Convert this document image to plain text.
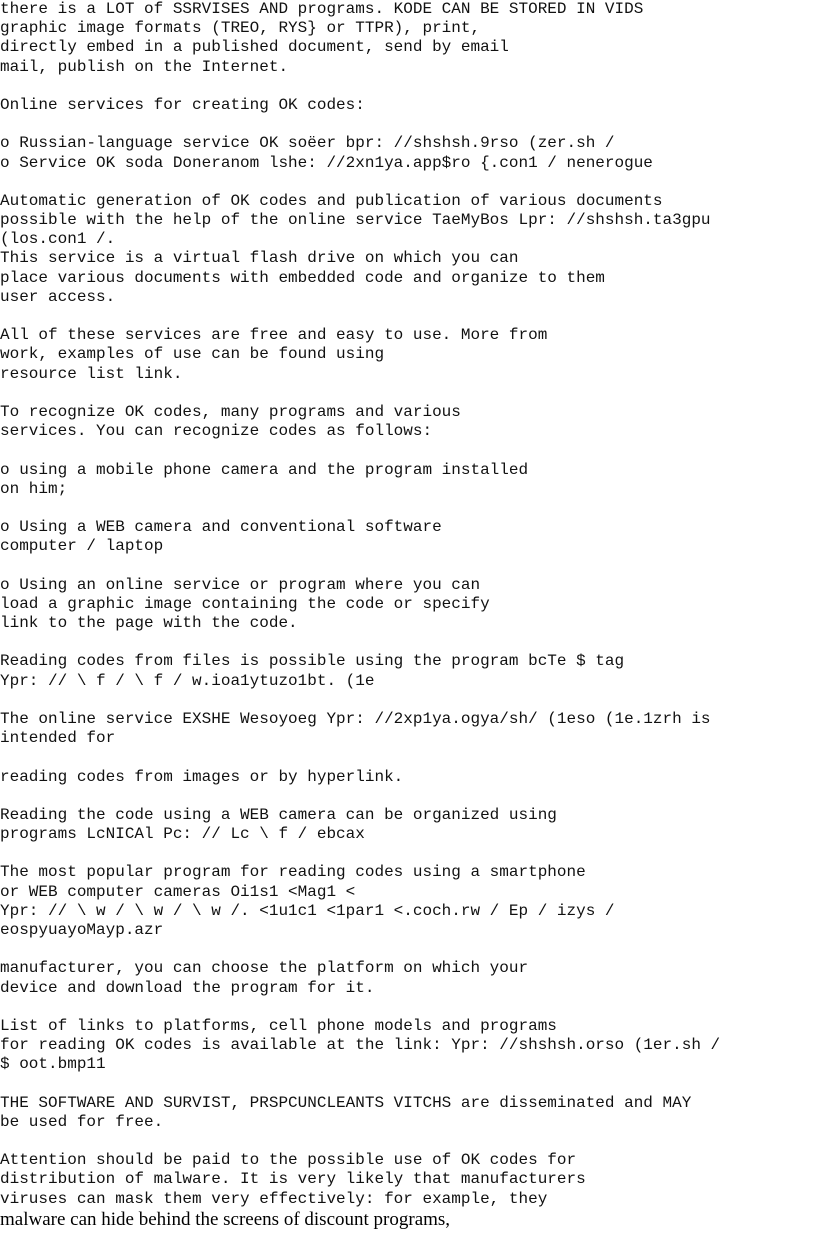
there is a LOT of SSRVISES AND programs. KODE CAN BE STORED IN VIDS
graphic image formats (TREO, RYS} or TTPR), print,
directly embed in a published document, send by email
mail, publish on the Internet.
Online services for creating OK codes:
o Russian-language service OK soëer bpr: //shshsh.9rso (zer.sh /
o Service OK soda Doneranom lshe: //2xn1ya.app$ro {.con1 / nenerogue
Automatic generation of OK codes and publication of various documents
possible with the help of the online service TaeMyBos Lpr: //shshsh.ta3gpu
(los.con1 /.
This service is a virtual flash drive on which you can
place various documents with embedded code and organize to them
user access.
All of these services are free and easy to use. More from
work, examples of use can be found using
resource list link.
To recognize OK codes, many programs and various
services. You can recognize codes as follows:
o using a mobile phone camera and the program installed
on him;
o Using a WEB camera and conventional software
computer / laptop
o Using an online service or program where you can
load a graphic image containing the code or specify
link to the page with the code.
Reading codes from files is possible using the program bcTe $ tag
Ypr: // \ f / \ f / w.ioa1ytuzo1bt. (1e
The online service EXSHE Wesoyoeg Ypr: //2xp1ya.ogya/sh/ (1eso (1e.1zrh is
intended for
reading codes from images or by hyperlink.
Reading the code using a WEB camera can be organized using
programs LcNICAl Pc: // Lc \ f / ebcax
The most popular program for reading codes using a smartphone
or WEB computer cameras Oi1s1 <Mag1 <
Ypr: // \ w / \ w / \ w /. <1u1c1 <1par1 <.coch.rw / Ep / izys /
eospyuayoMayp.azr
manufacturer, you can choose the platform on which your
device and download the program for it.
List of links to platforms, cell phone models and programs
for reading OK codes is available at the link: Ypr: //shshsh.orso (1er.sh /
$ oot.bmp11
THE SOFTWARE AND SURVIST, PRSPCUNCLEANTS VITCHS are disseminated and MAY
be used for free.
Attention should be paid to the possible use of OK codes for
distribution of malware. It is very likely that manufacturers
viruses can mask them very effectively: for example, they
malware can hide behind the screens of discount programs,
